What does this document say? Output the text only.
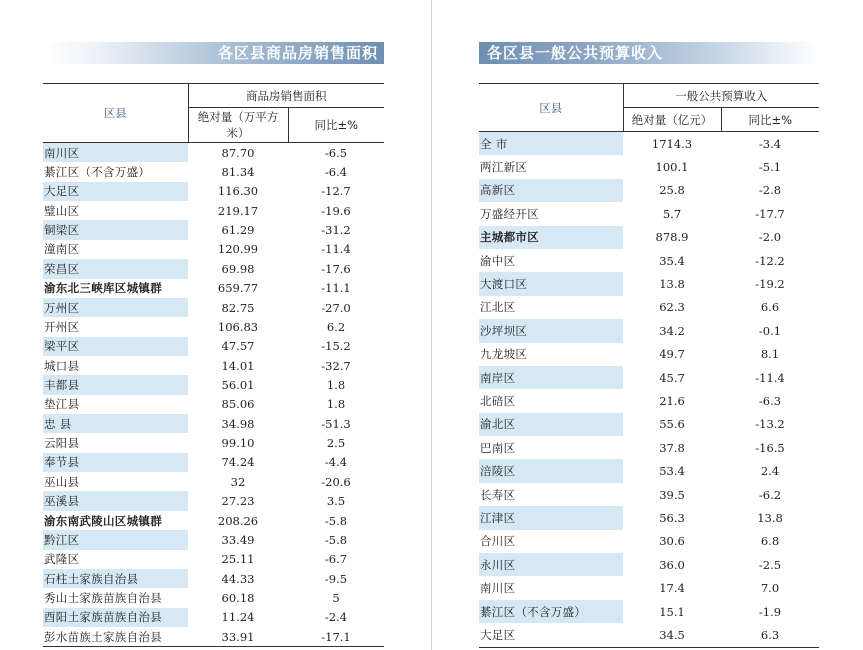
各区县商品房销售面积
区县	商品房销售面积	
	绝对量（万平方米）	同比±%
南川区	87.70	-6.5
綦江区（不含万盛）	81.34	-6.4
大足区	116.30	-12.7
璧山区	219.17	-19.6
铜梁区	61.29	-31.2
潼南区	120.99	-11.4
荣昌区	69.98	-17.6
渝东北三峡库区城镇群	659.77	-11.1
万州区	82.75	-27.0
开州区	106.83	6.2
梁平区	47.57	-15.2
城口县	14.01	-32.7
丰都县	56.01	1.8
垫江县	85.06	1.8
忠 县	34.98	-51.3
云阳县	99.10	2.5
奉节县	74.24	-4.4
巫山县	32	-20.6
巫溪县	27.23	3.5
渝东南武陵山区城镇群	208.26	-5.8
黔江区	33.49	-5.8
武隆区	25.11	-6.7
石柱土家族自治县	44.33	-9.5
秀山土家族苗族自治县	60.18	5
酉阳土家族苗族自治县	11.24	-2.4
彭水苗族土家族自治县	33.91	-17.1
各区县一般公共预算收入
区县	一般公共预算收入	
	绝对量（亿元）	同比±%
全 市	1714.3	-3.4
两江新区	100.1	-5.1
高新区	25.8	-2.8
万盛经开区	5.7	-17.7
主城都市区	878.9	-2.0
渝中区	35.4	-12.2
大渡口区	13.8	-19.2
江北区	62.3	6.6
沙坪坝区	34.2	-0.1
九龙坡区	49.7	8.1
南岸区	45.7	-11.4
北碚区	21.6	-6.3
渝北区	55.6	-13.2
巴南区	37.8	-16.5
涪陵区	53.4	2.4
长寿区	39.5	-6.2
江津区	56.3	13.8
合川区	30.6	6.8
永川区	36.0	-2.5
南川区	17.4	7.0
綦江区（不含万盛）	15.1	-1.9
大足区	34.5	6.3
